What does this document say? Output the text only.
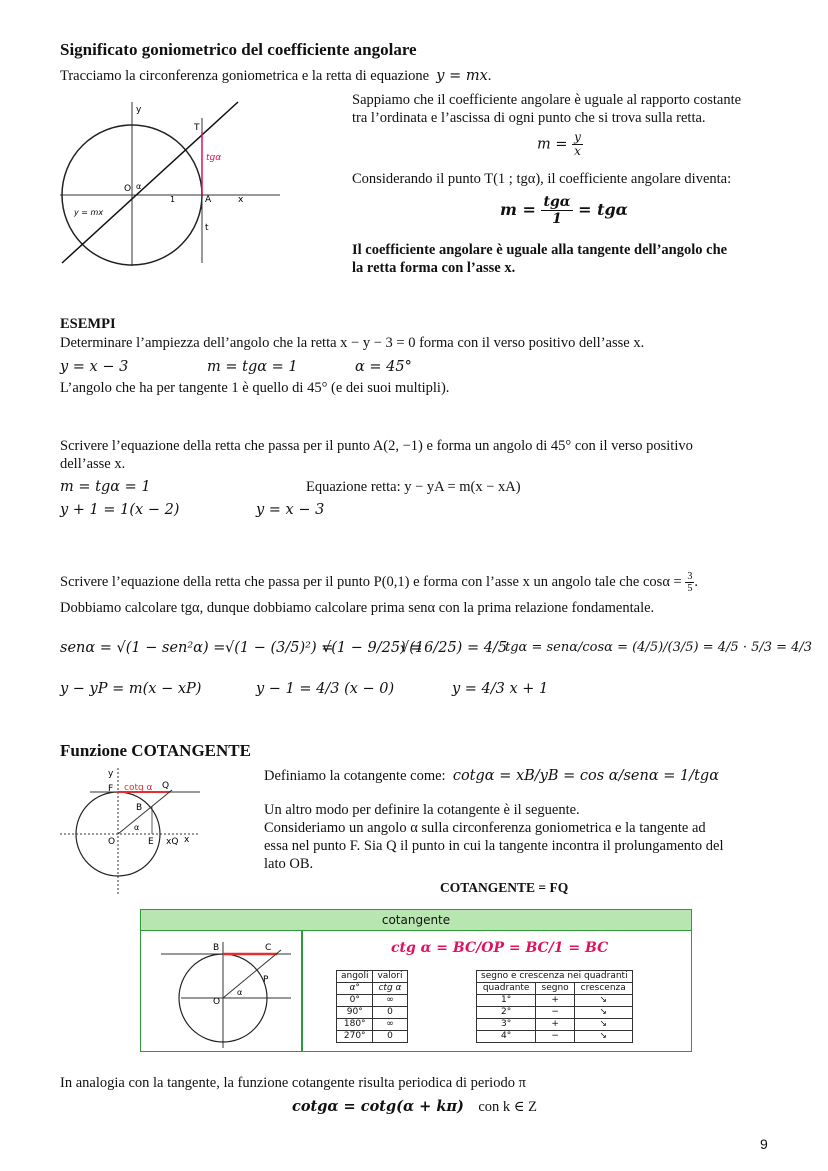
Significato goniometrico del coefficiente angolare
Tracciamo la circonferenza goniometrica e la retta di equazione y = mx.
y
x
T
tgα
O α
1	A
t
y = mx
Sappiamo che il coefficiente angolare è uguale al rapporto costante
tra l’ordinata e l’ascissa di ogni punto che si trova sulla retta.
$m = \frac{y}{x}$
Considerando il punto T(1 ; tgα), il coefficiente angolare diventa:
$m = \frac{\text{tgα}}{1} = tg\alpha$
Il coefficiente angolare è uguale alla tangente dell’angolo che
la retta forma con l’asse x.
ESEMPI
Determinare l’ampiezza dell’angolo che la retta x − y − 3 = 0 forma con il verso positivo dell’asse x.
y = x − 3	m = tgα = 1	α = 45°
L’angolo che ha per tangente 1 è quello di 45° (e dei suoi multipli).
Scrivere l’equazione della retta che passa per il punto A(2, −1) e forma un angolo di 45° con il verso positivo
dell’asse x.
m = tgα = 1	Equazione retta: y − yA = m(x − xA)
y + 1 = 1(x − 2)	y = x − 3
Scrivere l’equazione della retta che passa per il punto P(0,1) e forma con l’asse x un angolo tale che $\cos\alpha = \frac{3}{5}$ .
Dobbiamo calcolare tgα, dunque dobbiamo calcolare prima senα con la prima relazione fondamentale.
senα = √(1 − sen²α) = √(1 − (3/5)²) =
√(1 − 9/25) =
√(16/25) = 4/5
tgα = senα/cosα = (4/5)/(3/5) = 4/5 · 5/3 = 4/3
y − yP = m(x − xP)	y − 1 = 4/3 (x − 0)	y = 4/3 x + 1
Funzione COTANGENTE
y
F cotg α Q
B
α
O	E xQ x
Definiamo la cotangente come: cotgα = xB/yB = cos α/senα = 1/tgα
Un altro modo per definire la cotangente è il seguente.
Consideriamo un angolo α sulla circonferenza goniometrica e la tangente ad
essa nel punto F. Sia Q il punto in cui la tangente incontra il prolungamento del
lato OB.
COTANGENTE = FQ
cotangente
B	C
P
O
α
ctg α = BC/OP = BC/1 = BC
angoli	valori
α°	ctg α
0°	∞
90°	0
180°	∞
270°	0
segno e crescenza nei quadranti		
quadrante	segno	crescenza
1°	+	↘
2°	−	↘
3°	+	↘
4°	−	↘
In analogia con la tangente, la funzione cotangente risulta periodica di periodo π
cotgα = cotg(α + kπ) con k ∈ Z
9
